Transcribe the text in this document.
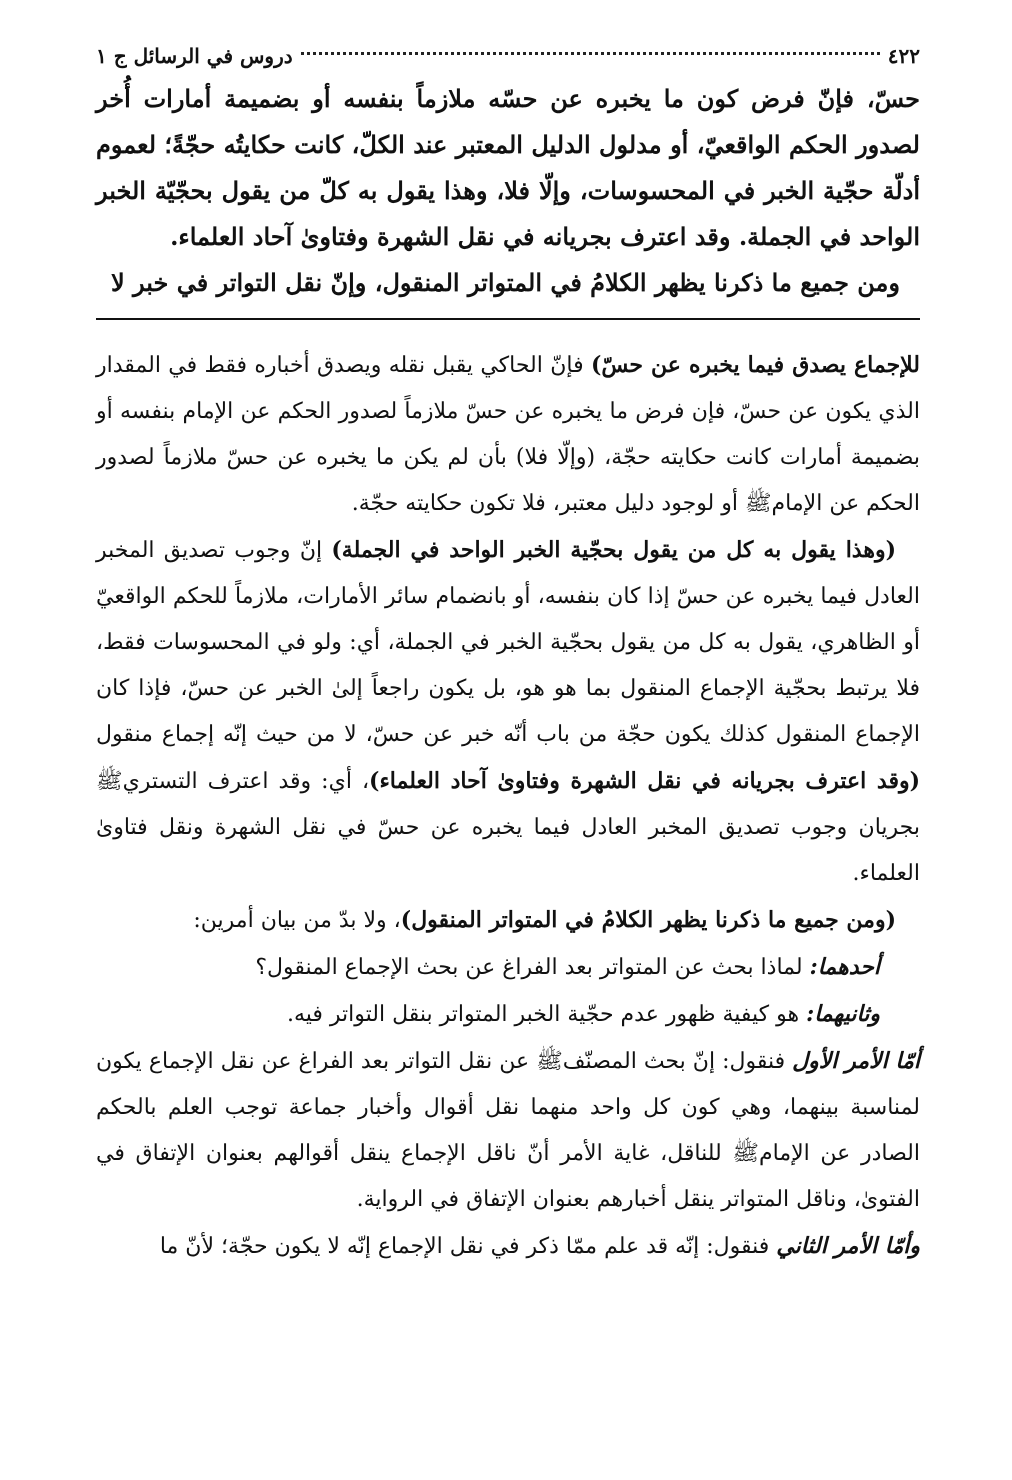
٤٢٢
دروس في الرسائل ج ١

حسّ، فإنّ فرض كون ما يخبره عن حسّه ملازماً بنفسه أو بضميمة أمارات أُخر لصدور الحكم الواقعيّ، أو مدلول الدليل المعتبر عند الكلّ، كانت حكايتُه حجّةً؛ لعموم أدلّة حجّية الخبر في المحسوسات، وإلّا فلا، وهذا يقول به كلّ من يقول بحجّيّة الخبر الواحد في الجملة. وقد اعترف بجريانه في نقل الشهرة وفتاوىٰ آحاد العلماء.

ومن جميع ما ذكرنا يظهر الكلامُ في المتواتر المنقول، وإنّ نقل التواتر في خبر لا

للإجماع يصدق فيما يخبره عن حسّ) فإنّ الحاكي يقبل نقله ويصدق أخباره فقط في المقدار الذي يكون عن حسّ، فإن فرض ما يخبره عن حسّ ملازماً لصدور الحكم عن الإمام بنفسه أو بضميمة أمارات كانت حكايته حجّة، (وإلّا فلا) بأن لم يكن ما يخبره عن حسّ ملازماً لصدور الحكم عن الإمامﷺ أو لوجود دليل معتبر، فلا تكون حكايته حجّة.

(وهذا يقول به كل من يقول بحجّية الخبر الواحد في الجملة) إنّ وجوب تصديق المخبر العادل فيما يخبره عن حسّ إذا كان بنفسه، أو بانضمام سائر الأمارات، ملازماً للحكم الواقعيّ أو الظاهري، يقول به كل من يقول بحجّية الخبر في الجملة، أي: ولو في المحسوسات فقط، فلا يرتبط بحجّية الإجماع المنقول بما هو هو، بل يكون راجعاً إلىٰ الخبر عن حسّ، فإذا كان الإجماع المنقول كذلك يكون حجّة من باب أنّه خبر عن حسّ، لا من حيث إنّه إجماع منقول (وقد اعترف بجريانه في نقل الشهرة وفتاوىٰ آحاد العلماء)، أي: وقد اعترف التستريﷺ بجريان وجوب تصديق المخبر العادل فيما يخبره عن حسّ في نقل الشهرة ونقل فتاوىٰ العلماء.

(ومن جميع ما ذكرنا يظهر الكلامُ في المتواتر المنقول)، ولا بدّ من بيان أمرين:

أحدهما: لماذا بحث عن المتواتر بعد الفراغ عن بحث الإجماع المنقول؟

وثانيهما: هو كيفية ظهور عدم حجّية الخبر المتواتر بنقل التواتر فيه.

أمّا الأمر الأول فنقول: إنّ بحث المصنّفﷺ عن نقل التواتر بعد الفراغ عن نقل الإجماع يكون لمناسبة بينهما، وهي كون كل واحد منهما نقل أقوال وأخبار جماعة توجب العلم بالحكم الصادر عن الإمامﷺ للناقل، غاية الأمر أنّ ناقل الإجماع ينقل أقوالهم بعنوان الإتفاق في الفتوىٰ، وناقل المتواتر ينقل أخبارهم بعنوان الإتفاق في الرواية.

وأمّا الأمر الثاني فنقول: إنّه قد علم ممّا ذكر في نقل الإجماع إنّه لا يكون حجّة؛ لأنّ ما
